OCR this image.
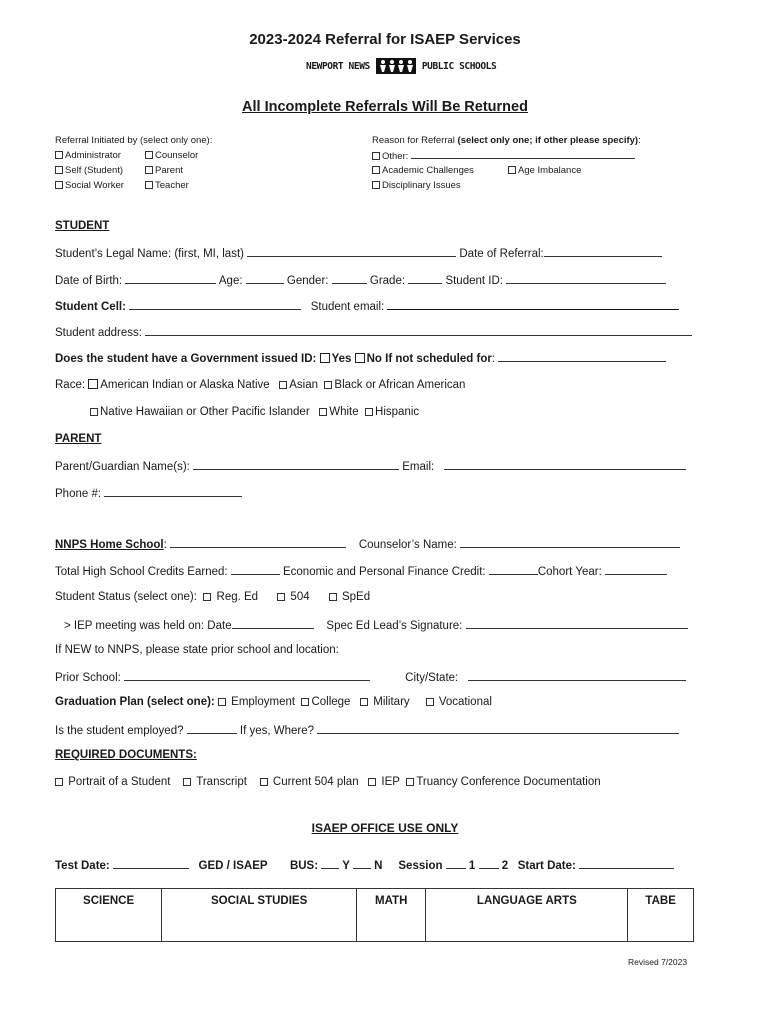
2023-2024 Referral for ISAEP Services
NEWPORT NEWS	PUBLIC SCHOOLS
All Incomplete Referrals Will Be Returned
Referral Initiated by (select only one):
Administrator	Counselor
Self (Student)	Parent
Social Worker	Teacher
Reason for Referral (select only one; if other please specify):
Other:
Academic Challenges	Age Imbalance
Disciplinary Issues
STUDENT
Student’s Legal Name: (first, MI, last)	Date of Referral:
Date of Birth:	Age:	Gender:	Grade:	Student ID:
Student Cell:	Student email:
Student address:
Does the student have a Government issued ID: Yes No If not scheduled for:
Race: American Indian or Alaska Native Asian Black or African American
Native Hawaiian or Other Pacific Islander White Hispanic
PARENT
Parent/Guardian Name(s):	Email:
Phone #:
NNPS Home School:	Counselor’s Name:
Total High School Credits Earned:	Economic and Personal Finance Credit:	Cohort Year:
Student Status (select one):   Reg. Ed	504	SpEd
> IEP meeting was held on: Date	Spec Ed Lead’s Signature:
If NEW to NNPS, please state prior school and location:
Prior School:	City/State:
Graduation Plan (select one):  Employment College    Military      Vocational
Is the student employed?	If yes, Where?
REQUIRED DOCUMENTS:
Portrait of a Student     Transcript     Current 504 plan    IEP Truancy Conference Documentation
ISAEP OFFICE USE ONLY
Test Date:	GED / ISAEP BUS:  Y  N Session  1  2 Start Date:
SCIENCE	SOCIAL STUDIES	MATH	LANGUAGE ARTS	TABE
Revised 7/2023
